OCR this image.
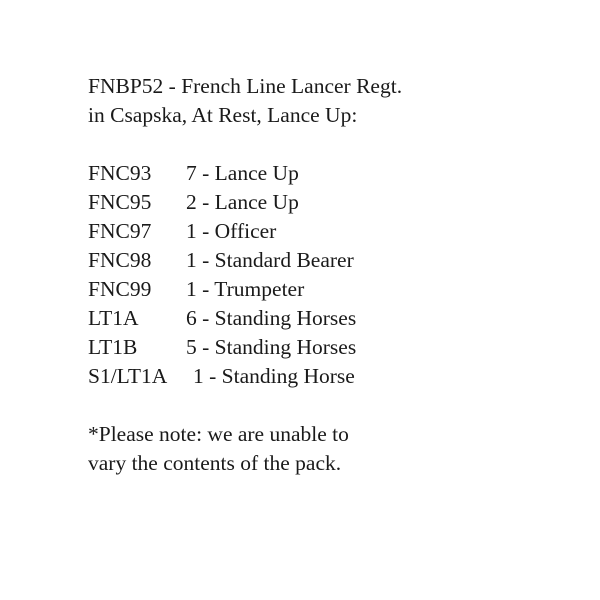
FNBP52 - French Line Lancer Regt.
in Csapska, At Rest, Lance Up:
FNC93	7 - Lance Up
FNC95	2 - Lance Up
FNC97	1 - Officer
FNC98	1 - Standard Bearer
FNC99	1 - Trumpeter
LT1A	6 - Standing Horses
LT1B	5 - Standing Horses
S1/LT1A	1 - Standing Horse
*Please note: we are unable to
vary the contents of the pack.
